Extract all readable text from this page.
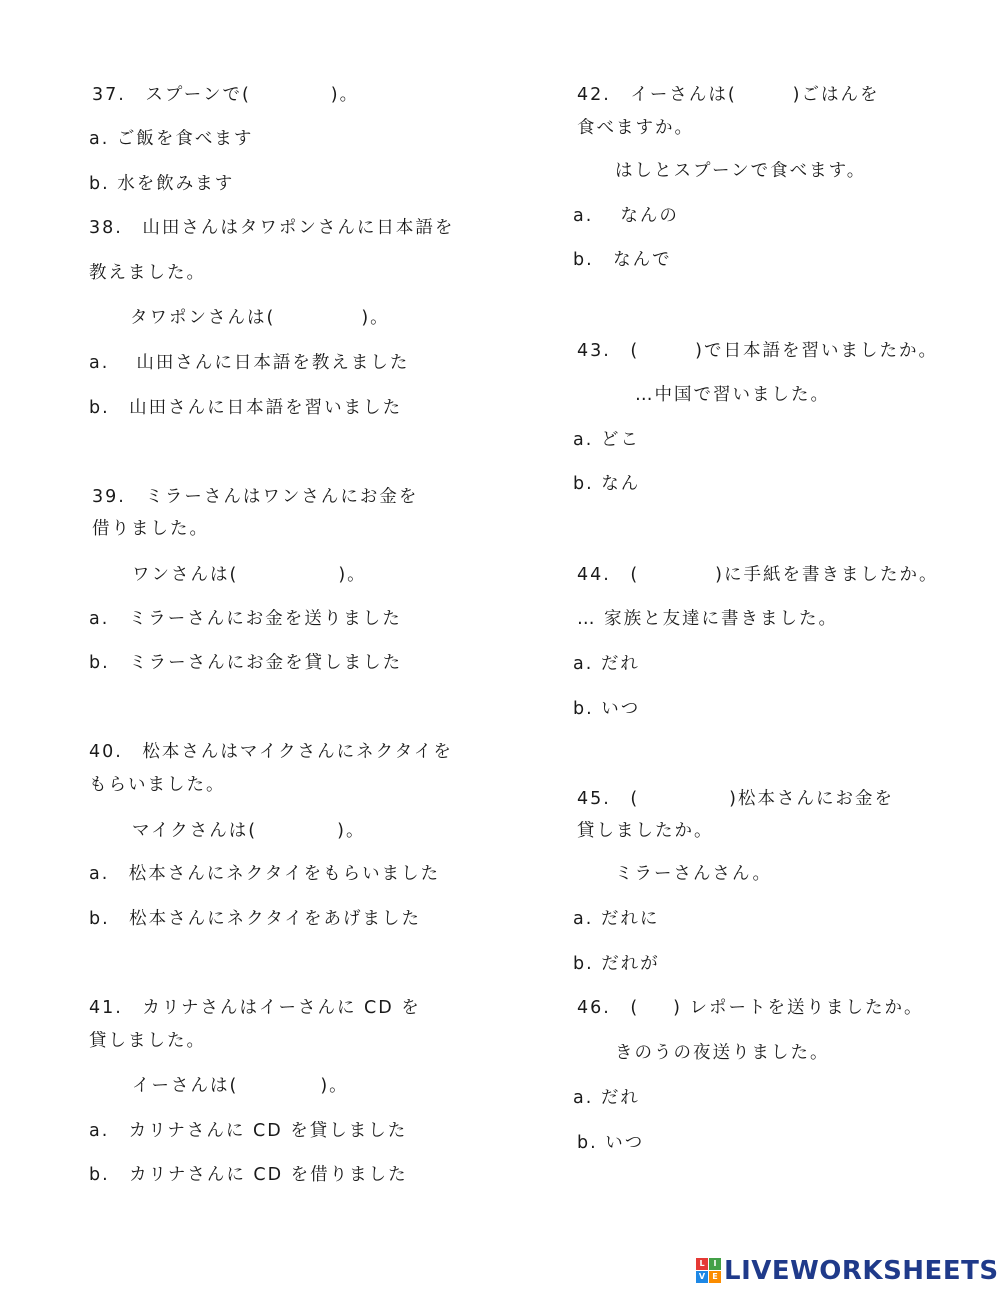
37.　スプーンで(	)。
a. ご飯を食べます
b. 水を飲みます
38.　山田さんはタワポンさんに日本語を
教えました。
タワポンさんは(	)。
a.　 山田さんに日本語を教えました
b.　山田さんに日本語を習いました
39.　ミラーさんはワンさんにお金を
借りました。
ワンさんは(	)。
a.　ミラーさんにお金を送りました
b.　ミラーさんにお金を貸しました
40.　松本さんはマイクさんにネクタイを
もらいました。
マイクさんは(	)。
a.　松本さんにネクタイをもらいました
b.　松本さんにネクタイをあげました
41.　カリナさんはイーさんに CD を
貸しました。
イーさんは(	)。
a.　カリナさんに CD を貸しました
b.　カリナさんに CD を借りました
42.　イーさんは(	)ごはんを
食べますか。
はしとスプーンで食べます。
a.　 なんの
b.　なんで
43.　(	)で日本語を習いましたか。
…中国で習いました。
a. どこ
b. なん
44.　(	)に手紙を書きましたか。
… 家族と友達に書きました。
a. だれ
b. いつ
45.　(	)松本さんにお金を
貸しましたか。
ミラーさんさん。
a. だれに
b. だれが
46.　( ) レポートを送りましたか。
きのうの夜送りました。
a. だれ
b. いつ
L	I
V E LIVEWORKSHEETS
